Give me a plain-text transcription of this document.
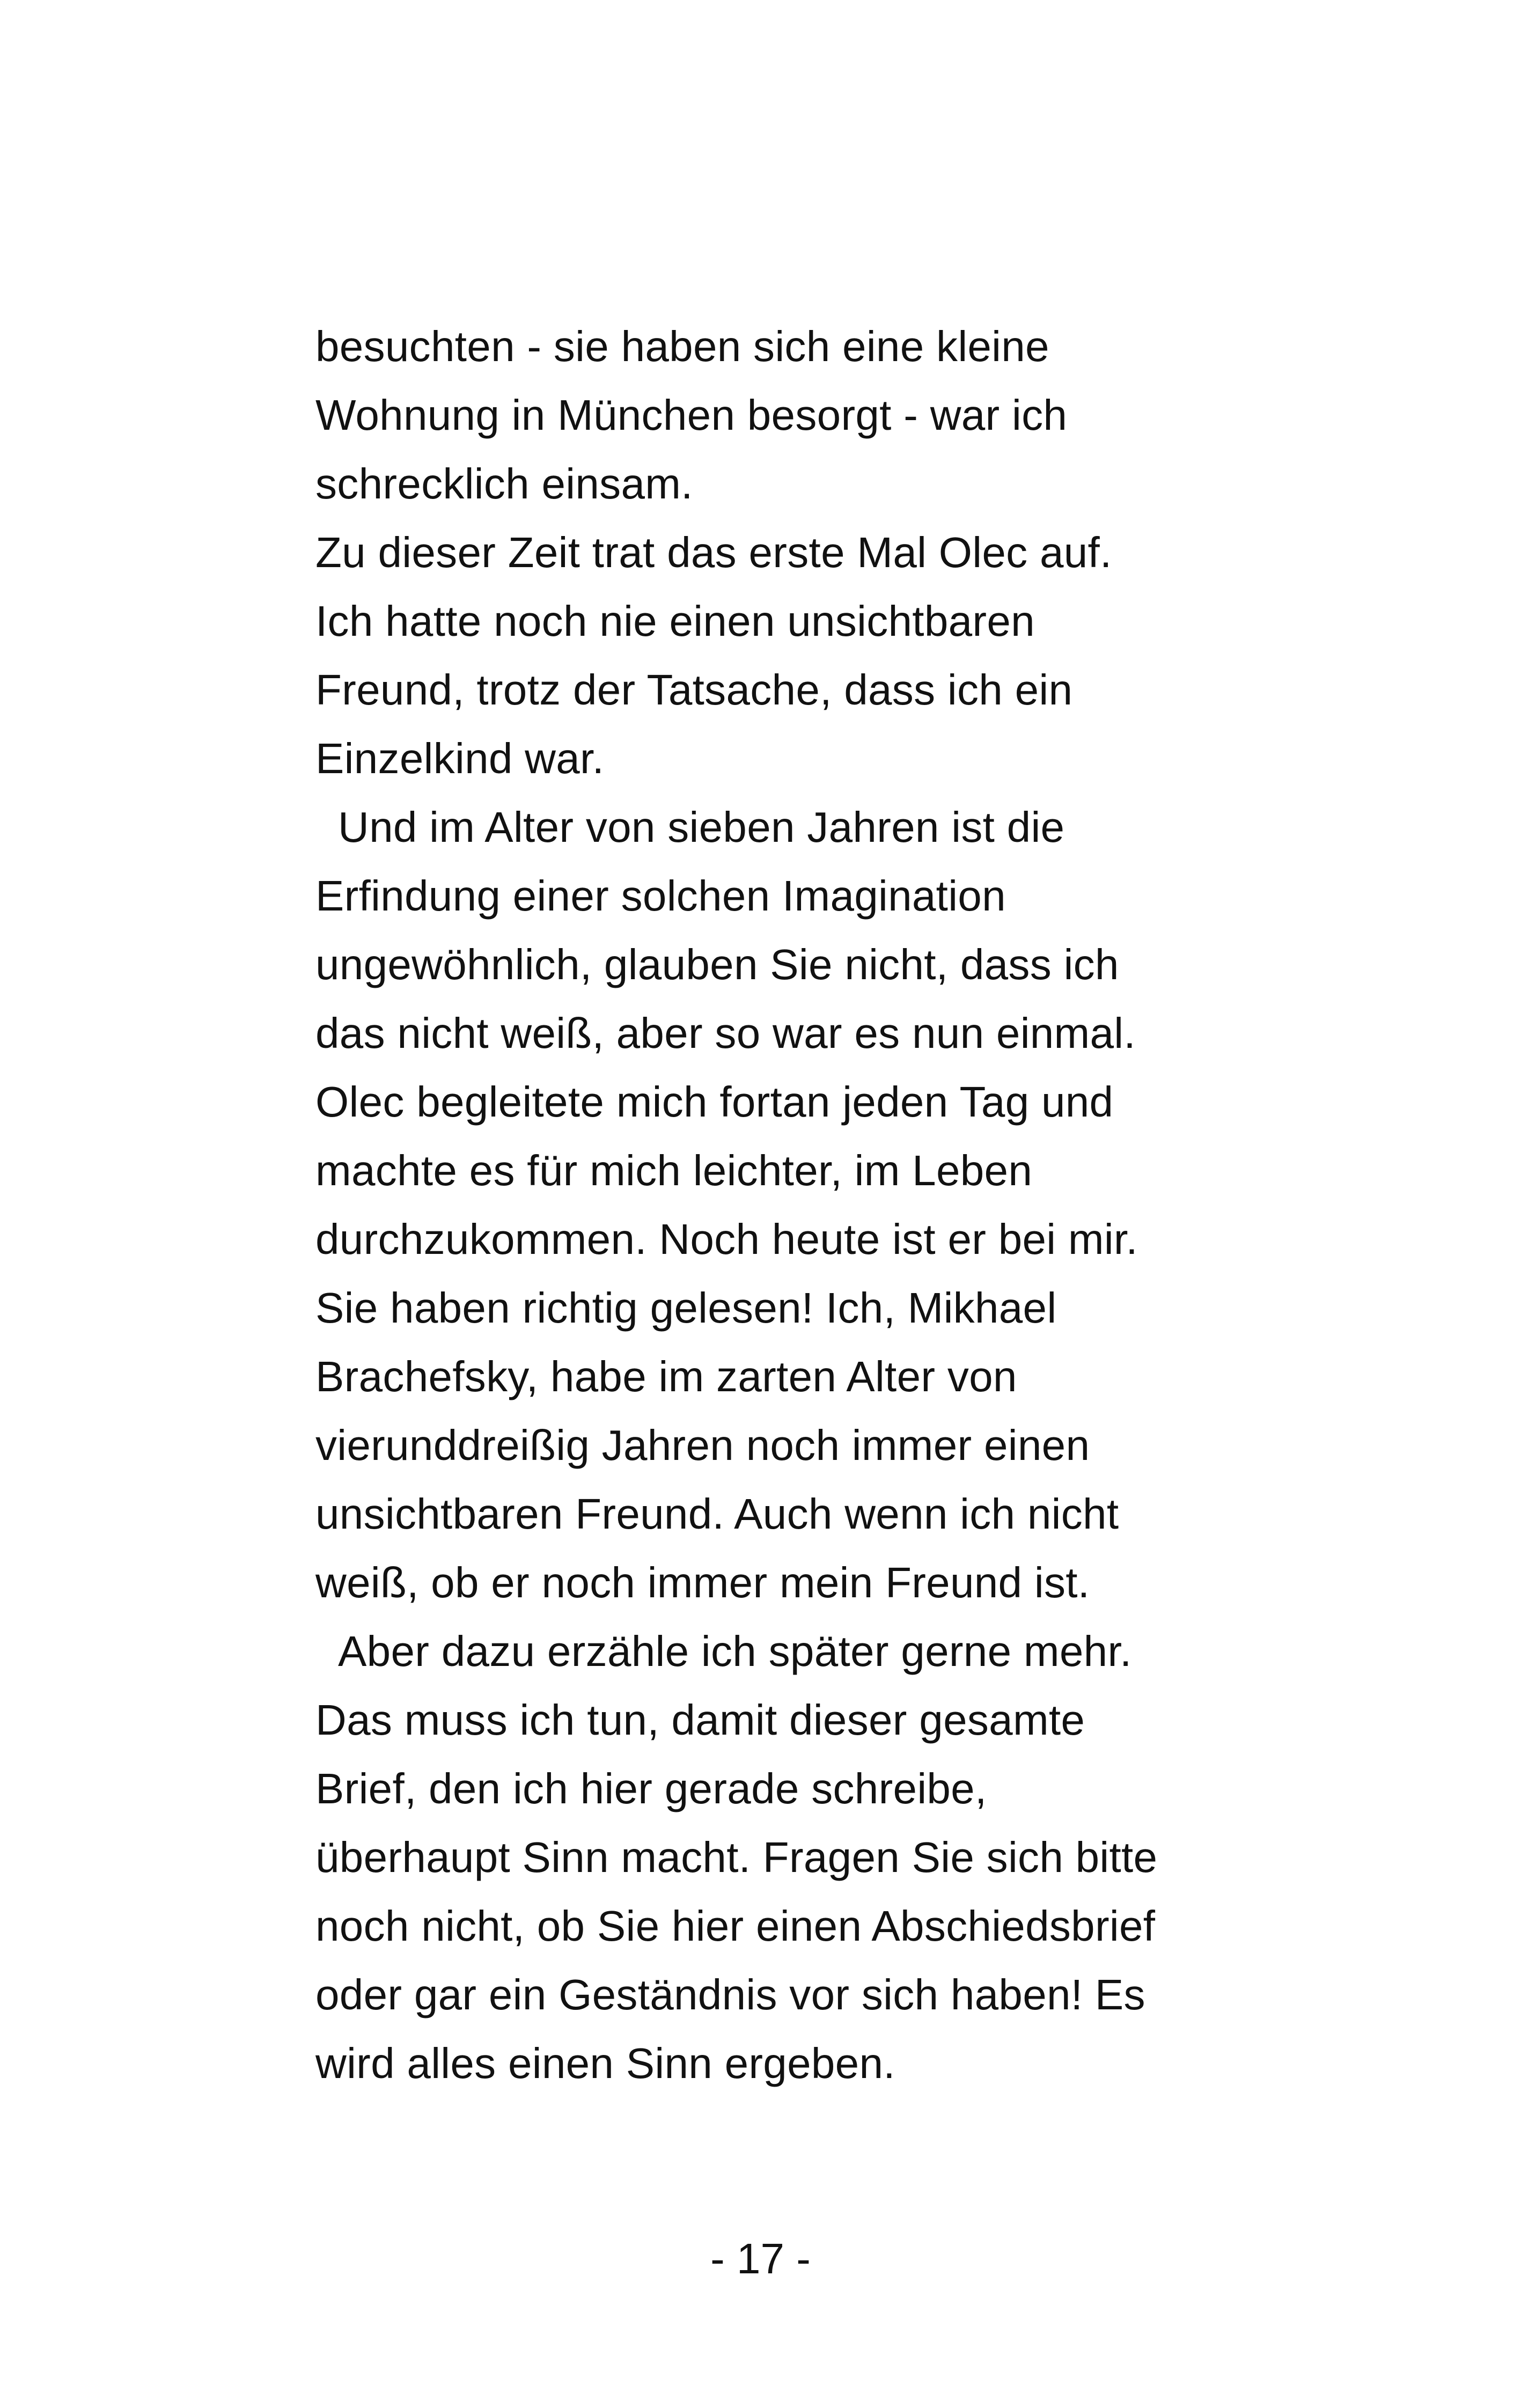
besuchten - sie haben sich eine kleine
Wohnung in München besorgt - war ich
schrecklich einsam.
Zu dieser Zeit trat das erste Mal Olec auf.
Ich hatte noch nie einen unsichtbaren
Freund, trotz der Tatsache, dass ich ein
Einzelkind war.
Und im Alter von sieben Jahren ist die
Erfindung einer solchen Imagination
ungewöhnlich, glauben Sie nicht, dass ich
das nicht weiß, aber so war es nun einmal.
Olec begleitete mich fortan jeden Tag und
machte es für mich leichter, im Leben
durchzukommen. Noch heute ist er bei mir.
Sie haben richtig gelesen! Ich, Mikhael
Brachefsky, habe im zarten Alter von
vierunddreißig Jahren noch immer einen
unsichtbaren Freund. Auch wenn ich nicht
weiß, ob er noch immer mein Freund ist.
Aber dazu erzähle ich später gerne mehr.
Das muss ich tun, damit dieser gesamte
Brief, den ich hier gerade schreibe,
überhaupt Sinn macht. Fragen Sie sich bitte
noch nicht, ob Sie hier einen Abschiedsbrief
oder gar ein Geständnis vor sich haben! Es
wird alles einen Sinn ergeben.
- 17 -
